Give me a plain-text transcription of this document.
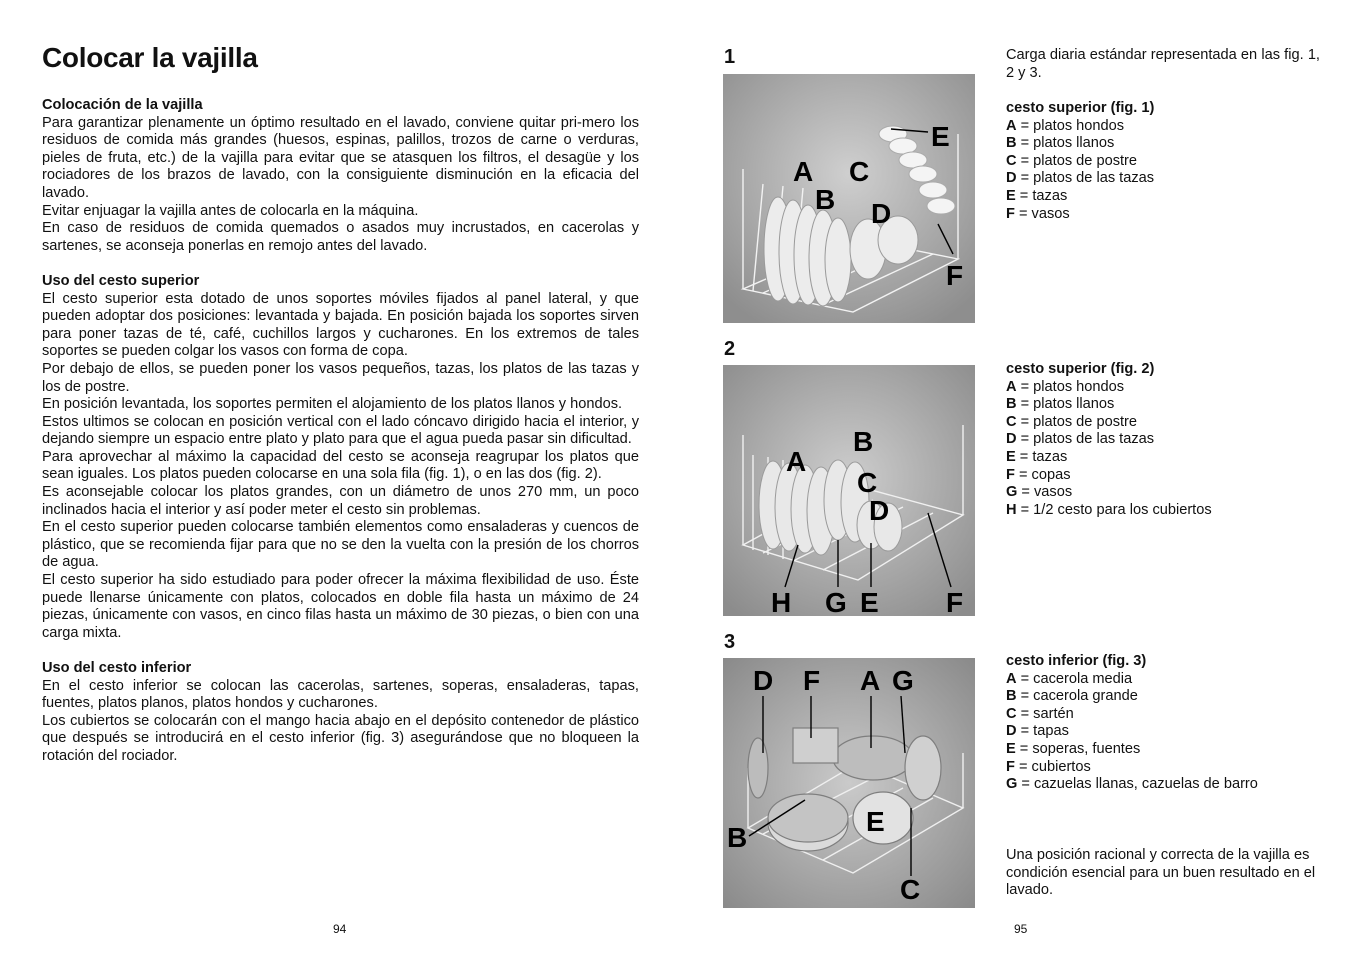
Colocar la vajilla
Colocación de la vajilla

Para garantizar plenamente un óptimo resultado en el lavado, conviene quitar pri-mero los residuos de comida más grandes (huesos, espinas, palillos, trozos de carne o verduras, pieles de fruta, etc.) de la vajilla para evitar que se atasquen los filtros, el desagüe y los rociadores de los brazos de lavado, con la consiguiente disminución en la eficacia del lavado.

Evitar enjuagar la vajilla antes de colocarla en la máquina.

En caso de residuos de comida quemados o asados muy incrustados, en cacerolas y sartenes, se aconseja ponerlas en remojo antes del lavado.

Uso del cesto superior

El cesto superior esta dotado de unos soportes móviles fijados al panel lateral, y que pueden adoptar dos posiciones: levantada y bajada. En posición bajada los soportes sirven para poner tazas de té, café, cuchillos largos y cucharones. En los extremos de tales soportes se pueden colgar los vasos con forma de copa.

Por debajo de ellos, se pueden poner los vasos pequeños, tazas, los platos de las tazas y los de postre.

En posición levantada, los soportes permiten el alojamiento de los platos llanos y hondos.

Estos ultimos se colocan en posición vertical con el lado cóncavo dirigido hacia el interior, y dejando siempre un espacio entre plato y plato para que el agua pueda pasar sin dificultad.

Para aprovechar al máximo la capacidad del cesto se aconseja reagrupar los platos que sean iguales. Los platos pueden colocarse en una sola fila (fig. 1), o en las dos (fig. 2).

Es aconsejable colocar los platos grandes, con un diámetro de unos 270 mm, un poco inclinados hacia el interior y así poder meter el cesto sin problemas.

En el cesto superior pueden colocarse también elementos como ensaladeras y cuencos de plástico, que se recomienda fijar para que no se den la vuelta con la presión de los chorros de agua.

El cesto superior ha sido estudiado para poder ofrecer la máxima flexibilidad de uso. Éste puede llenarse únicamente con platos, colocados en doble fila hasta un máximo de 24 piezas, únicamente con vasos, en cinco filas hasta un máximo de 30 piezas, o bien con una carga mixta.

Uso del cesto inferior

En el cesto inferior se colocan las cacerolas, sartenes, soperas, ensaladeras, tapas, fuentes, platos planos, platos hondos y cucharones.

Los cubiertos se colocarán con el mango hacia abajo en el depósito contenedor de plástico que después se introducirá en el cesto inferior (fig. 3) asegurándose que no bloqueen la rotación del rociador.

94
1
2
3
A
B
C
D
E
F
A
B
C
D
H G E F
D F A G
B
E
C

Carga diaria estándar representada en las fig. 1, 2 y 3.

cesto superior (fig. 1)
A = platos hondos
B = platos llanos
C = platos de postre
D = platos de las tazas
E = tazas
F = vasos
cesto superior (fig. 2)
A = platos hondos
B = platos llanos
C = platos de postre
D = platos de las tazas
E = tazas
F = copas
G = vasos
H = 1/2 cesto para los cubiertos
cesto inferior (fig. 3)
A = cacerola media
B = cacerola grande
C = sartén
D = tapas
E = soperas, fuentes
F = cubiertos
G = cazuelas llanas, cazuelas de barro

Una posición racional y correcta de la vajilla es condición esencial para un buen resultado en el lavado.

95
